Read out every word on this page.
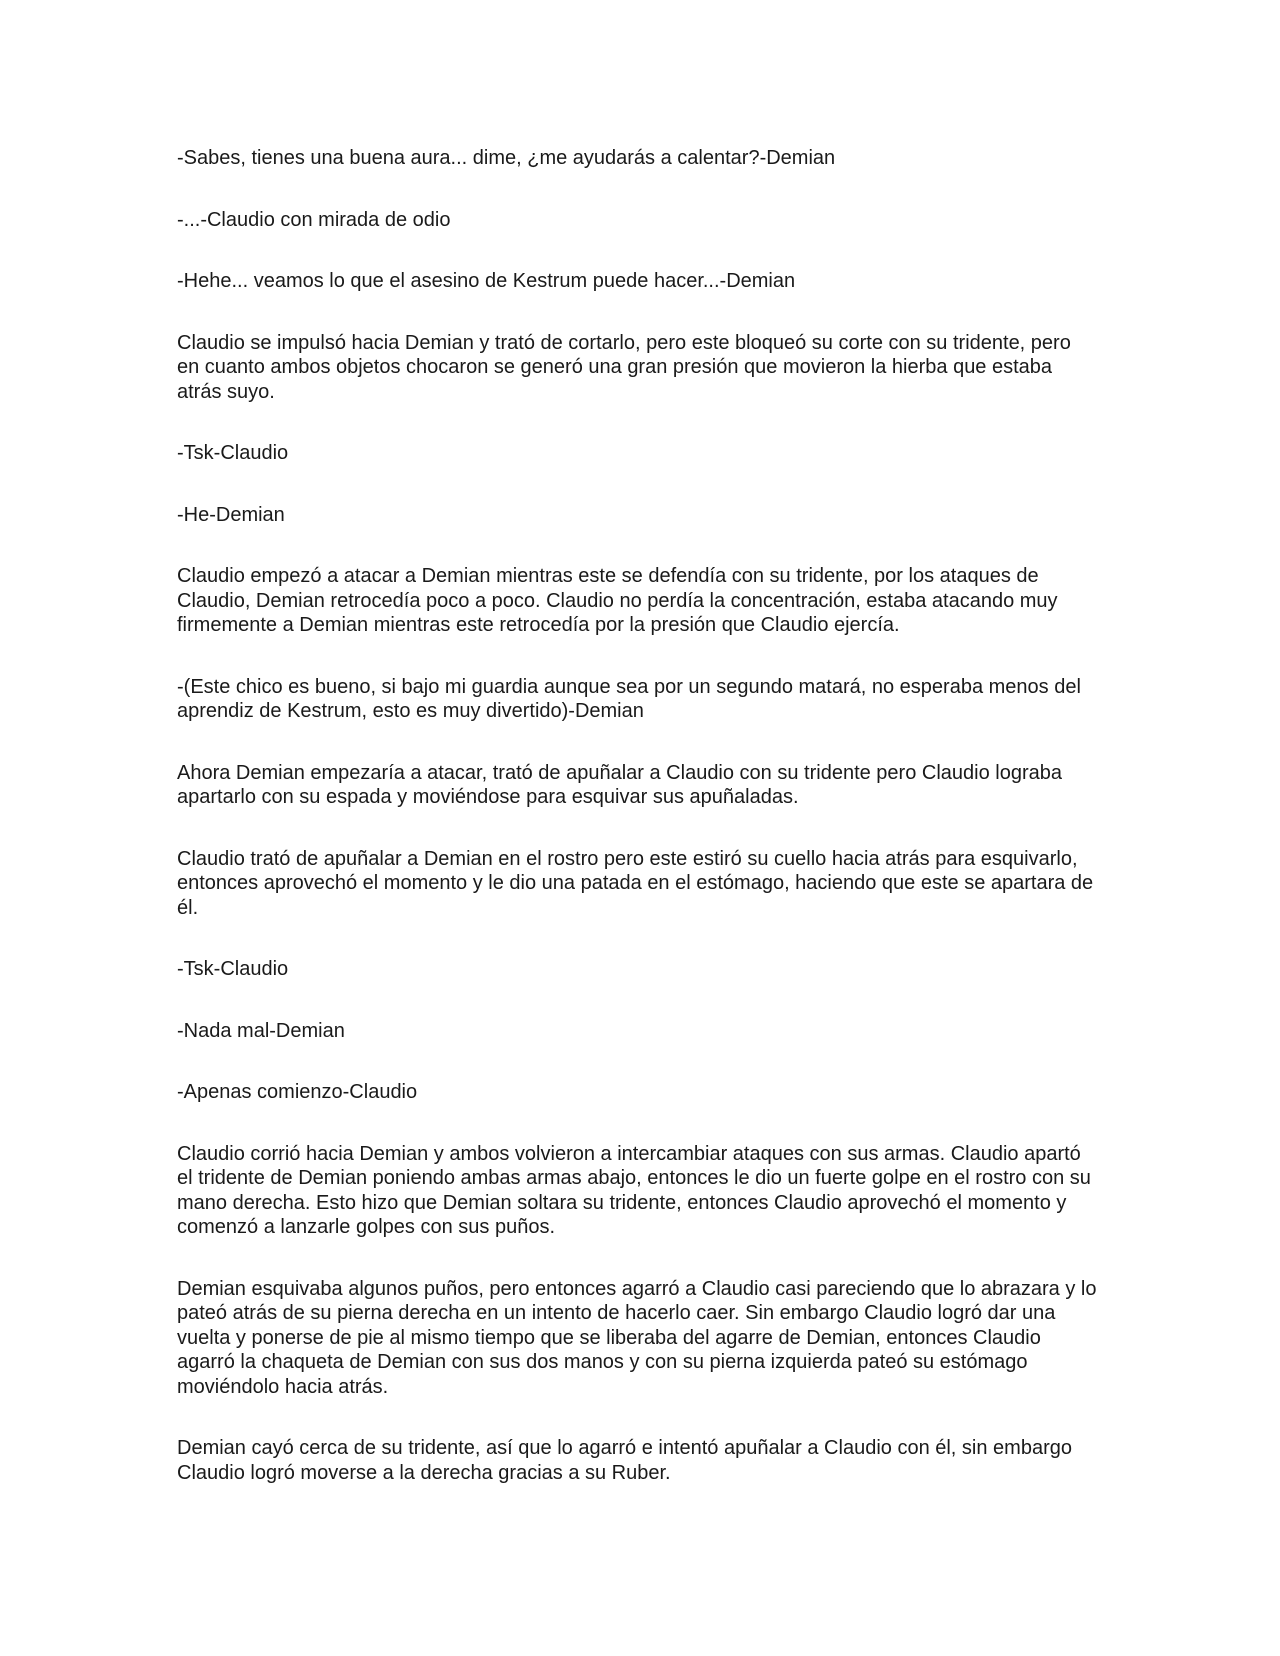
-Sabes, tienes una buena aura... dime, ¿me ayudarás a calentar?-Demian

-...-Claudio con mirada de odio

-Hehe... veamos lo que el asesino de Kestrum puede hacer...-Demian

Claudio se impulsó hacia Demian y trató de cortarlo, pero este bloqueó su corte con su tridente, pero en cuanto ambos objetos chocaron se generó una gran presión que movieron la hierba que estaba atrás suyo.

-Tsk-Claudio

-He-Demian

Claudio empezó a atacar a Demian mientras este se defendía con su tridente, por los ataques de Claudio, Demian retrocedía poco a poco. Claudio no perdía la concentración, estaba atacando muy firmemente a Demian mientras este retrocedía por la presión que Claudio ejercía.

-(Este chico es bueno, si bajo mi guardia aunque sea por un segundo matará, no esperaba menos del aprendiz de Kestrum, esto es muy divertido)-Demian

Ahora Demian empezaría a atacar, trató de apuñalar a Claudio con su tridente pero Claudio lograba apartarlo con su espada y moviéndose para esquivar sus apuñaladas.

Claudio trató de apuñalar a Demian en el rostro pero este estiró su cuello hacia atrás para esquivarlo, entonces aprovechó el momento y le dio una patada en el estómago, haciendo que este se apartara de él.

-Tsk-Claudio

-Nada mal-Demian

-Apenas comienzo-Claudio

Claudio corrió hacia Demian y ambos volvieron a intercambiar ataques con sus armas. Claudio apartó el tridente de Demian poniendo ambas armas abajo, entonces le dio un fuerte golpe en el rostro con su mano derecha. Esto hizo que Demian soltara su tridente, entonces Claudio aprovechó el momento y comenzó a lanzarle golpes con sus puños.

Demian esquivaba algunos puños, pero entonces agarró a Claudio casi pareciendo que lo abrazara y lo pateó atrás de su pierna derecha en un intento de hacerlo caer. Sin embargo Claudio logró dar una vuelta y ponerse de pie al mismo tiempo que se liberaba del agarre de Demian, entonces Claudio agarró la chaqueta de Demian con sus dos manos y con su pierna izquierda pateó su estómago moviéndolo hacia atrás.

Demian cayó cerca de su tridente, así que lo agarró e intentó apuñalar a Claudio con él, sin embargo Claudio logró moverse a la derecha gracias a su Ruber.
